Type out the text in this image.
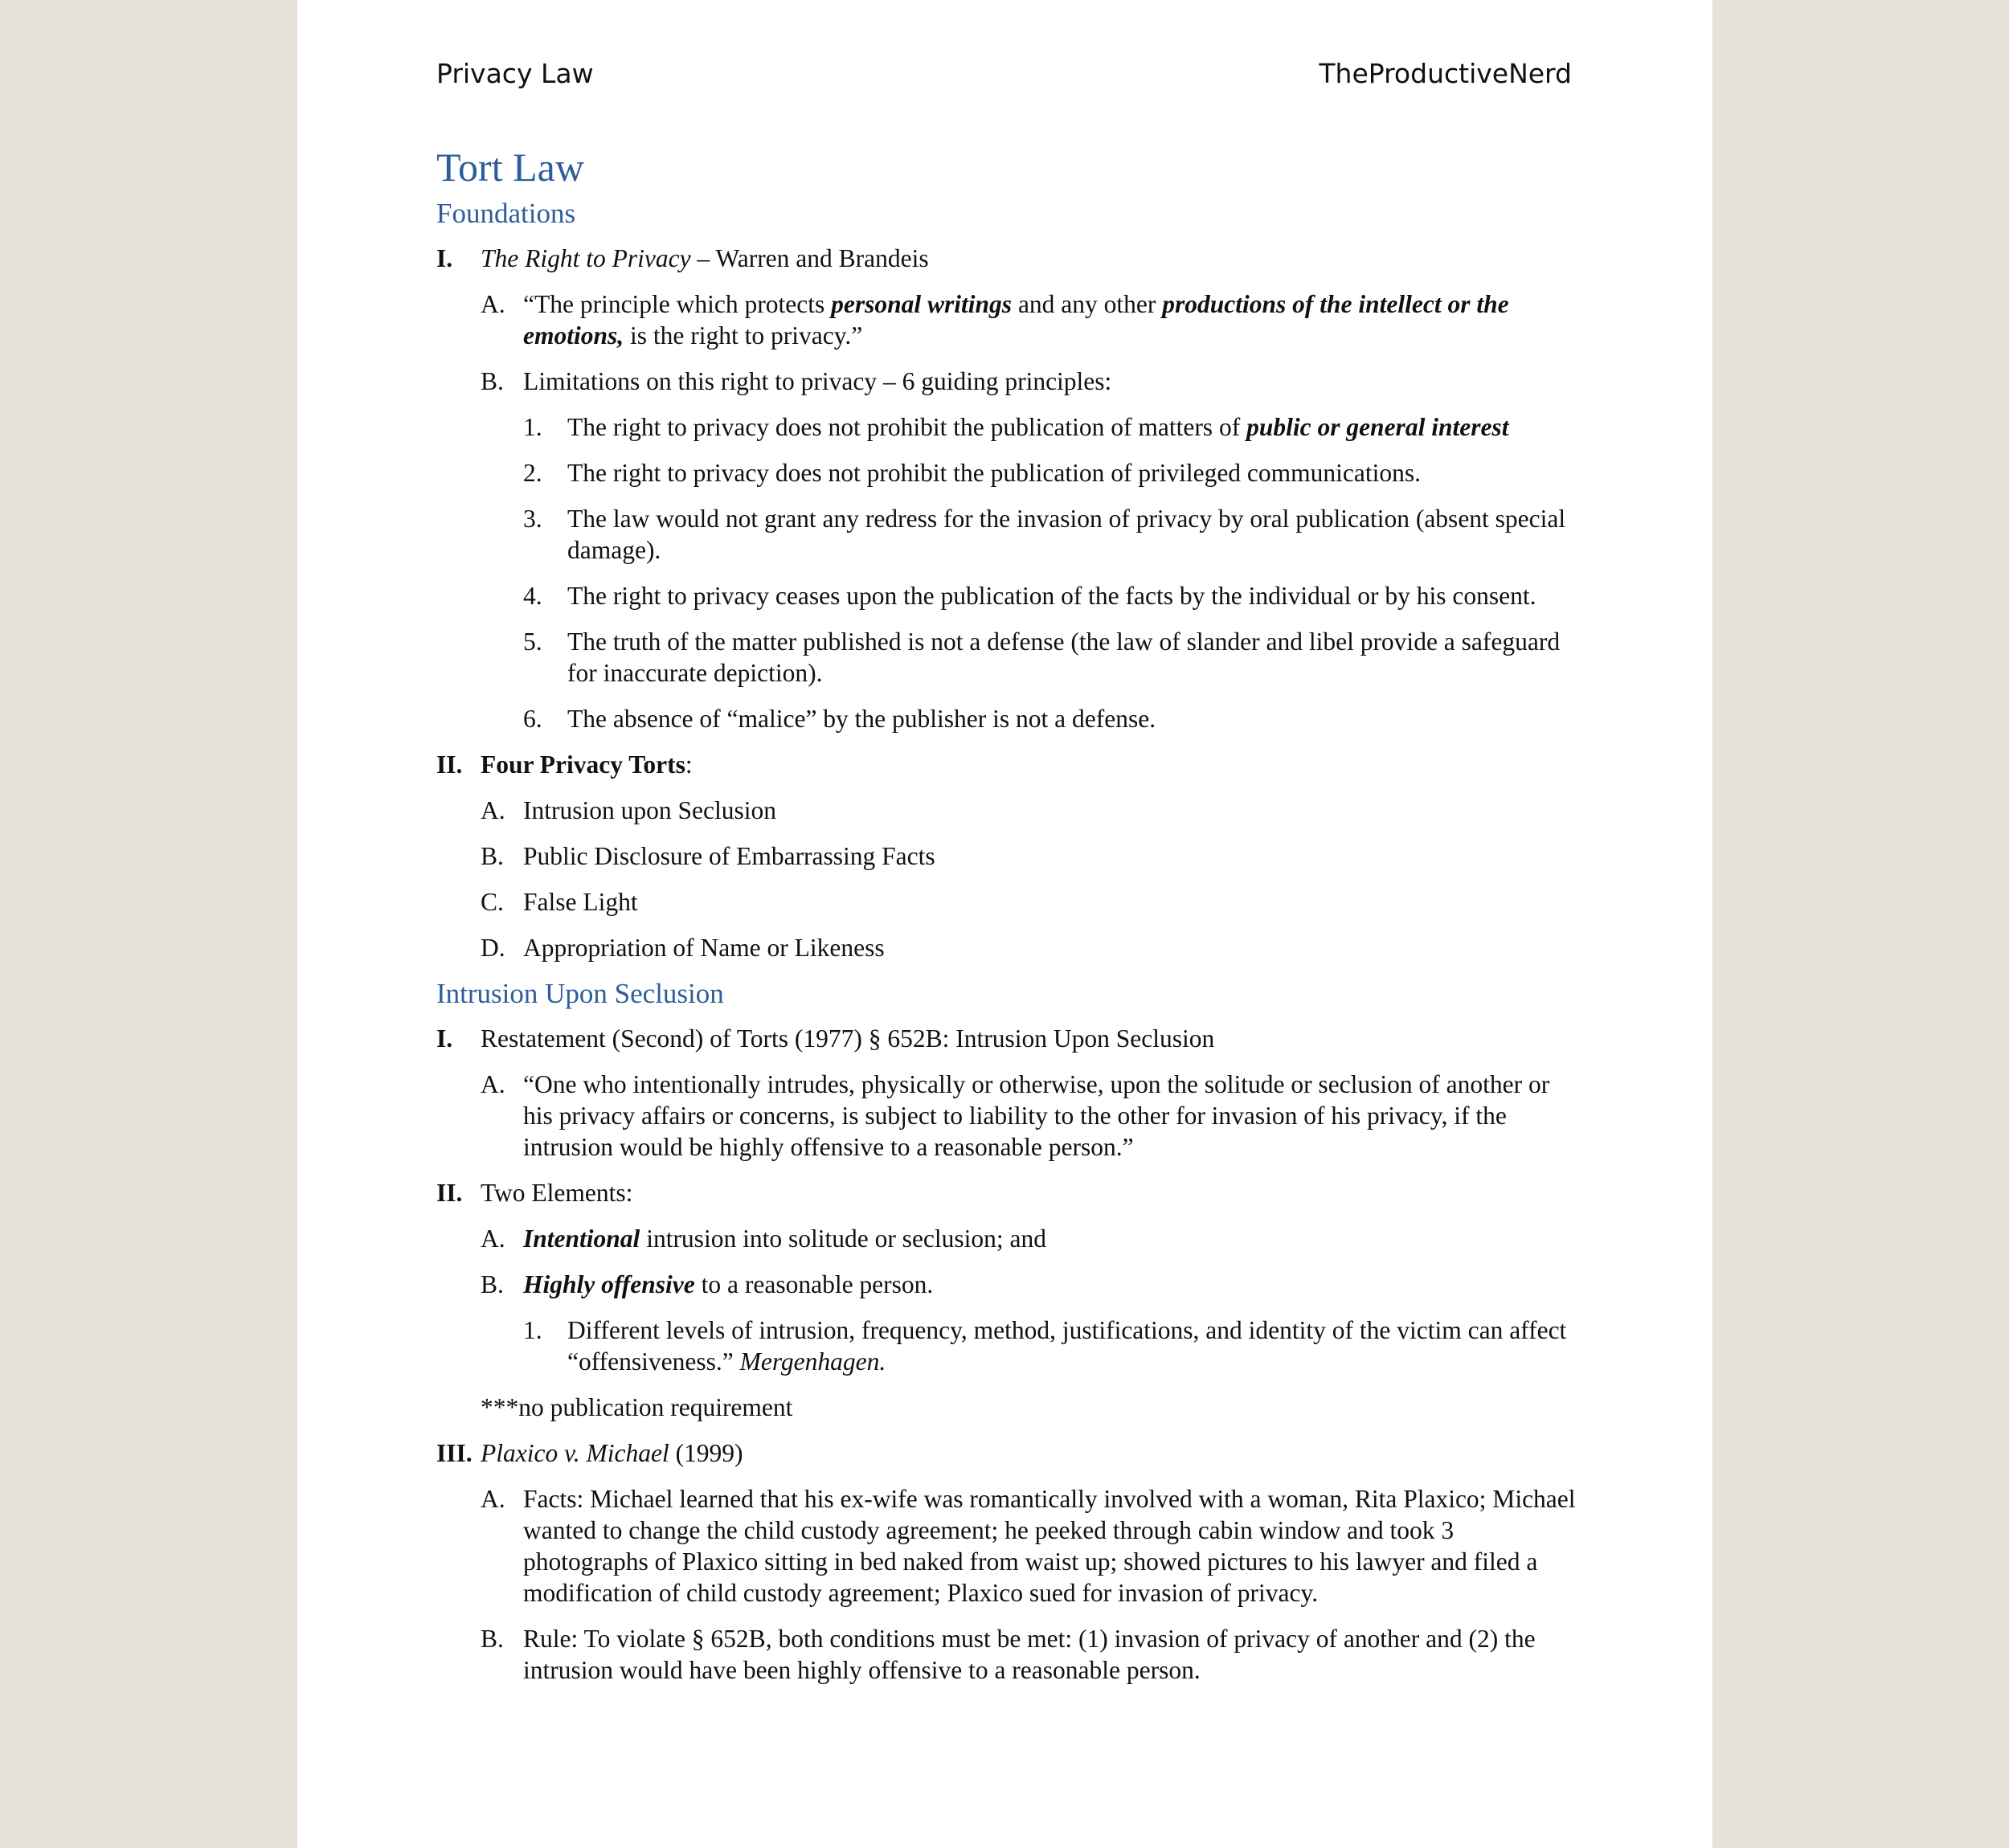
Privacy Law	TheProductiveNerd
Tort Law
Foundations
I. The Right to Privacy – Warren and Brandeis
A. “The principle which protects personal writings and any other productions of the intellect or the emotions, is the right to privacy.”
B. Limitations on this right to privacy – 6 guiding principles:
1. The right to privacy does not prohibit the publication of matters of public or general interest
2. The right to privacy does not prohibit the publication of privileged communications.
3. The law would not grant any redress for the invasion of privacy by oral publication (absent special damage).
4. The right to privacy ceases upon the publication of the facts by the individual or by his consent.
5. The truth of the matter published is not a defense (the law of slander and libel provide a safeguard for inaccurate depiction).
6. The absence of “malice” by the publisher is not a defense.
II. Four Privacy Torts:
A. Intrusion upon Seclusion
B. Public Disclosure of Embarrassing Facts
C. False Light
D. Appropriation of Name or Likeness
Intrusion Upon Seclusion
I. Restatement (Second) of Torts (1977) § 652B: Intrusion Upon Seclusion
A. “One who intentionally intrudes, physically or otherwise, upon the solitude or seclusion of another or his privacy affairs or concerns, is subject to liability to the other for invasion of his privacy, if the intrusion would be highly offensive to a reasonable person.”
II. Two Elements:
A. Intentional intrusion into solitude or seclusion; and
B. Highly offensive to a reasonable person.
1. Different levels of intrusion, frequency, method, justifications, and identity of the victim can affect “offensiveness.” Mergenhagen.
***no publication requirement
III. Plaxico v. Michael (1999)
A. Facts: Michael learned that his ex-wife was romantically involved with a woman, Rita Plaxico; Michael wanted to change the child custody agreement; he peeked through cabin window and took 3 photographs of Plaxico sitting in bed naked from waist up; showed pictures to his lawyer and filed a modification of child custody agreement; Plaxico sued for invasion of privacy.
B. Rule: To violate § 652B, both conditions must be met: (1) invasion of privacy of another and (2) the intrusion would have been highly offensive to a reasonable person.
